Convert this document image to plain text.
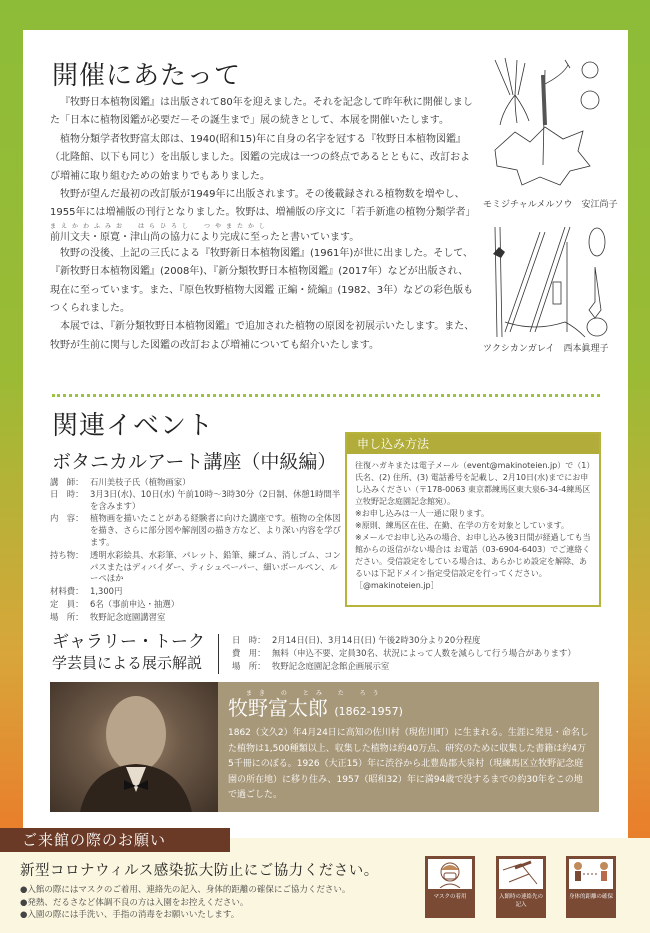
開催にあたって

『牧野日本植物図鑑』は出版されて80年を迎えました。それを記念して昨年秋に開催しました「日本に植物図鑑が必要だ－その誕生まで」展の続きとして、本展を開催いたします。

植物分類学者牧野富太郎は、1940(昭和15)年に自身の名字を冠する『牧野日本植物図鑑』（北隆館、以下も同じ）を出版しました。図鑑の完成は一つの終点であるとともに、改訂および増補に取り組むための始まりでもありました。

牧野が望んだ最初の改訂版が1949年に出版されます。その後載録される植物数を増やし、1955年には増補版の刊行となりました。牧野は、増補版の序文に「若手新進の植物分類学者」

まえかわふみお　はらひろし　つやまたかし
前川文夫・原寛・津山尚の協力により完成に至ったと書いています。

牧野の没後、上記の三氏による『牧野新日本植物図鑑』(1961年)が世に出ました。そして、『新牧野日本植物図鑑』(2008年)、『新分類牧野日本植物図鑑』(2017年）などが出版され、現在に至っています。また、『原色牧野植物大図鑑 正編・続編』(1982、3年）などの彩色版もつくられました。

本展では、『新分類牧野日本植物図鑑』で追加された植物の原図を初展示いたします。また、牧野が生前に関与した図鑑の改訂および増補についても紹介いたします。

モミジチャルメルソウ　安江尚子
ツクシカンガレイ　西本眞理子
関連イベント
ボタニカルアート講座（中級編）
講　師： 石川美枝子氏（植物画家）
日　時： 3月3日(水)、10日(水) 午前10時～3時30分（2日制、休憩1時間半を含みます）
内　容： 植物画を描いたことがある経験者に向けた講座です。植物の全体図を描き、さらに部分図や解剖図の描き方など、より深い内容を学びます。
持ち物： 透明水彩絵具、水彩筆、パレット、鉛筆、練ゴム、消しゴム、コンパスまたはディバイダー、ティシュペーパー、細いボールペン、ルーペほか
材料費： 1,300円
定　員： 6名（事前申込・抽選）
場　所： 牧野記念庭園講習室
申し込み方法
往復ハガキまたは電子メール（event@makinoteien.jp）で（1）氏名、(2) 住所、(3) 電話番号を記載し、2月10日(水)までにお申し込みください（〒178-0063 東京都練馬区東大泉6-34-4練馬区立牧野記念庭園記念館宛）。
※お申し込みは一人一通に限ります。
※原則、練馬区在住、在勤、在学の方を対象としています。
※メールでお申し込みの場合、お申し込み後3日間が経過しても当館からの返信がない場合は お電話（03-6904-6403）でご連絡ください。受信設定をしている場合は、あらかじめ設定を解除、あるいは下記ドメイン指定受信設定を行ってください。
［@makinoteien.jp］
ギャラリー・トーク
学芸員による展示解説
日　時： 2月14日(日)、3月14日(日) 午後2時30分より20分程度
費　用： 無料（申込不要、定員30名、状況によって人数を減らして行う場合があります）
場　所： 牧野記念庭園記念館企画展示室
まき の とみ た ろう
牧野富太郎 (1862-1957)
1862（文久2）年4月24日に高知の佐川村（現佐川町）に生まれる。生涯に発見・命名した植物は1,500種類以上、収集した植物は約40万点、研究のために収集した書籍は約4万5千冊にのぼる。1926（大正15）年に渋谷から北豊島郡大泉村（現練馬区立牧野記念庭園の所在地）に移り住み、1957（昭和32）年に満94歳で没するまでの約30年をこの地で過ごした。
ご来館の際のお願い
新型コロナウィルス感染拡大防止にご協力ください。
●入館の際にはマスクのご着用、連絡先の記入、身体的距離の確保にご協力ください。
●発熱、だるさなど体調不良の方は入園をお控えください。
●入園の際には手洗い、手指の消毒をお願いいたします。
マスクの着用	入館時の連絡先の記入
身体的距離の確保
